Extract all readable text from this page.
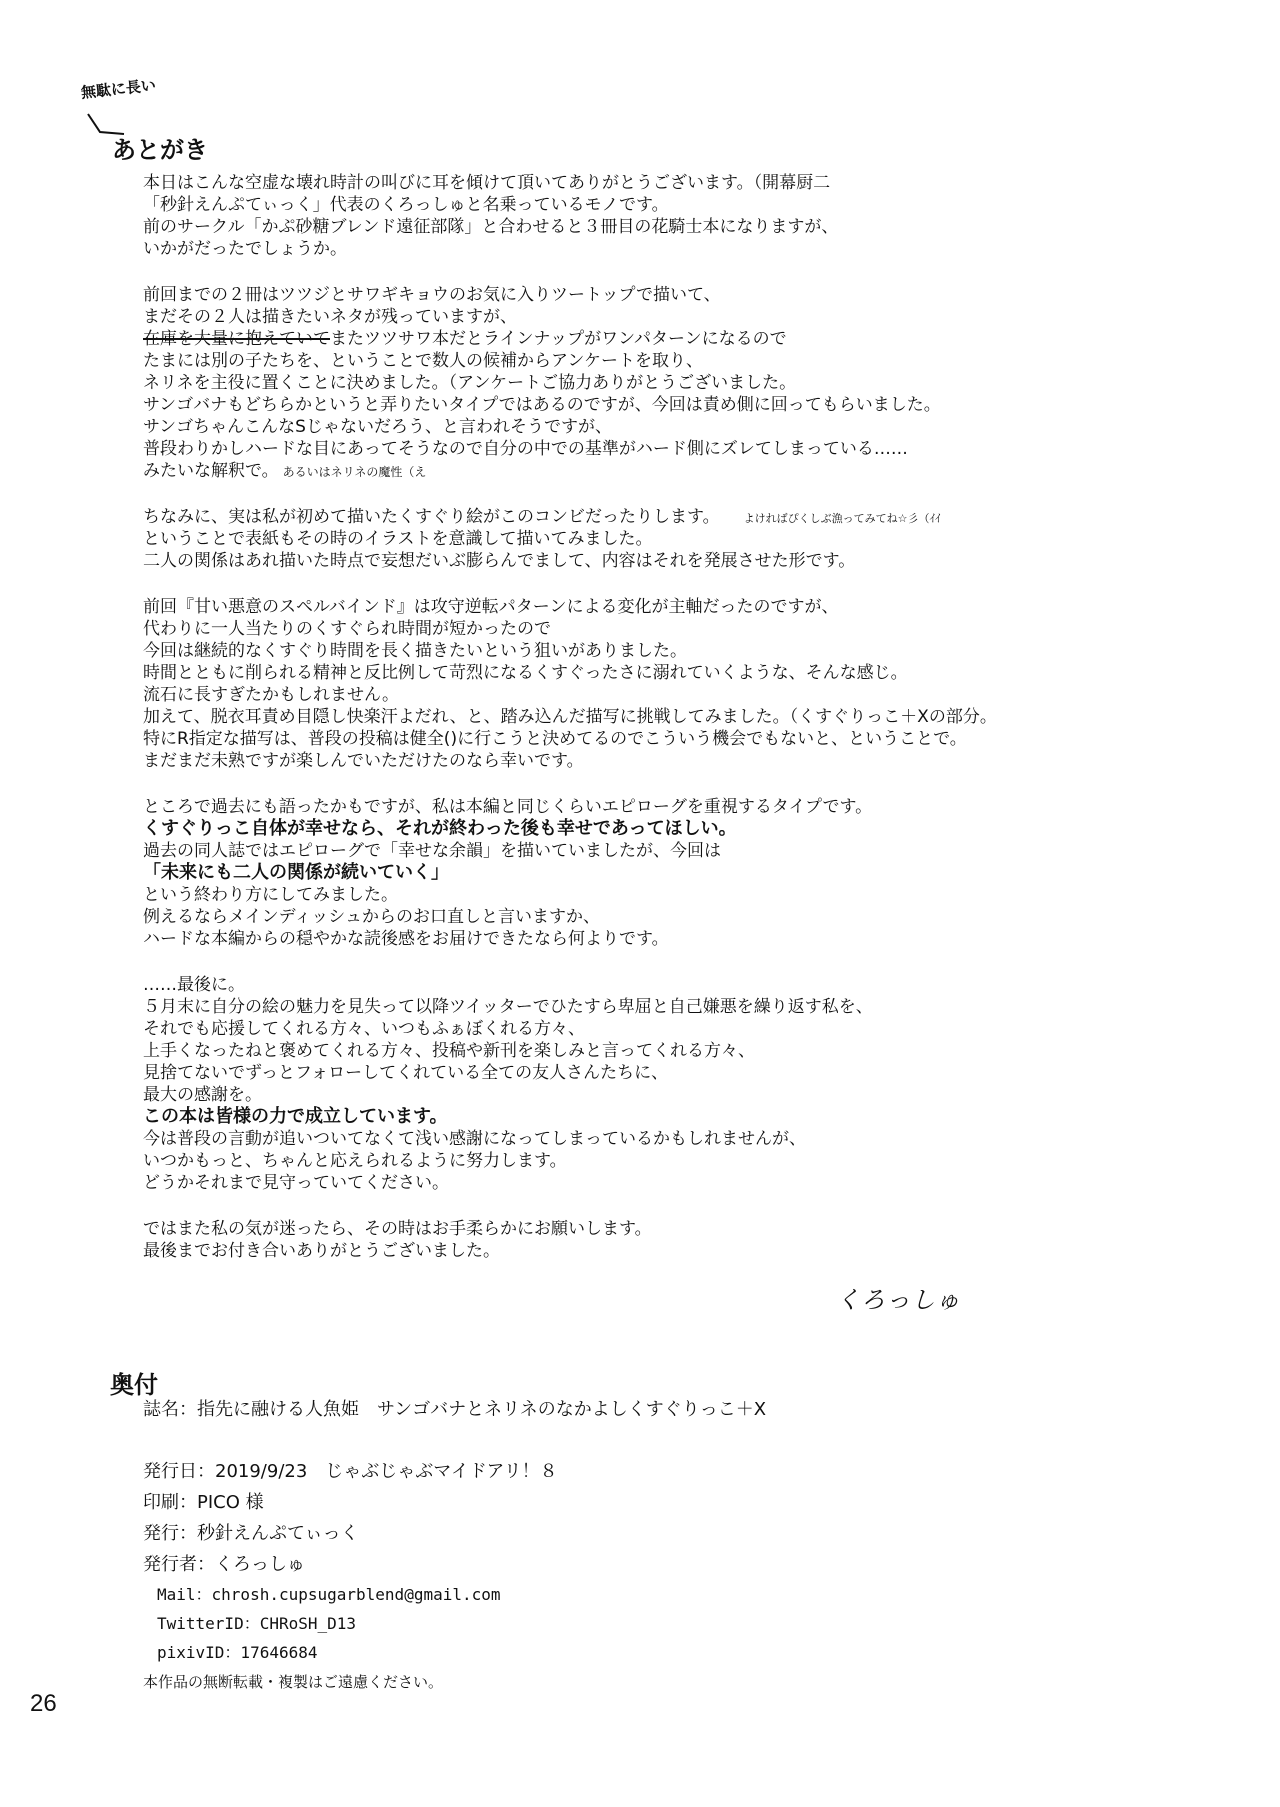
無駄に長い
あとがき
本日はこんな空虚な壊れ時計の叫びに耳を傾けて頂いてありがとうございます。（開幕厨二
「秒針えんぷてぃっく」代表のくろっしゅと名乗っているモノです。
前のサークル「かぷ砂糖ブレンド遠征部隊」と合わせると３冊目の花騎士本になりますが、
いかがだったでしょうか。
前回までの２冊はツツジとサワギキョウのお気に入りツートップで描いて、
まだその２人は描きたいネタが残っていますが、
在庫を大量に抱えていてまたツツサワ本だとラインナップがワンパターンになるので
たまには別の子たちを、ということで数人の候補からアンケートを取り、
ネリネを主役に置くことに決めました。（アンケートご協力ありがとうございました。
サンゴバナもどちらかというと弄りたいタイプではあるのですが、今回は責め側に回ってもらいました。
サンゴちゃんこんなSじゃないだろう、と言われそうですが、
普段わりかしハードな目にあってそうなので自分の中での基準がハード側にズレてしまっている……
みたいな解釈で。 あるいはネリネの魔性（え
ちなみに、実は私が初めて描いたくすぐり絵がこのコンビだったりします。 よければぴくしぶ漁ってみてね☆彡（ｲｲ
ということで表紙もその時のイラストを意識して描いてみました。
二人の関係はあれ描いた時点で妄想だいぶ膨らんでまして、内容はそれを発展させた形です。
前回『甘い悪意のスペルバインド』は攻守逆転パターンによる変化が主軸だったのですが、
代わりに一人当たりのくすぐられ時間が短かったので
今回は継続的なくすぐり時間を長く描きたいという狙いがありました。
時間とともに削られる精神と反比例して苛烈になるくすぐったさに溺れていくような、そんな感じ。
流石に長すぎたかもしれません。
加えて、脱衣耳責め目隠し快楽汗よだれ、と、踏み込んだ描写に挑戦してみました。（くすぐりっこ＋Xの部分。
特にR指定な描写は、普段の投稿は健全()に行こうと決めてるのでこういう機会でもないと、ということで。
まだまだ未熟ですが楽しんでいただけたのなら幸いです。
ところで過去にも語ったかもですが、私は本編と同じくらいエピローグを重視するタイプです。
くすぐりっこ自体が幸せなら、それが終わった後も幸せであってほしい。
過去の同人誌ではエピローグで「幸せな余韻」を描いていましたが、今回は
「未来にも二人の関係が続いていく」
という終わり方にしてみました。
例えるならメインディッシュからのお口直しと言いますか、
ハードな本編からの穏やかな読後感をお届けできたなら何よりです。
……最後に。
５月末に自分の絵の魅力を見失って以降ツイッターでひたすら卑屈と自己嫌悪を繰り返す私を、
それでも応援してくれる方々、いつもふぁぼくれる方々、
上手くなったねと褒めてくれる方々、投稿や新刊を楽しみと言ってくれる方々、
見捨てないでずっとフォローしてくれている全ての友人さんたちに、
最大の感謝を。
この本は皆様の力で成立しています。
今は普段の言動が追いついてなくて浅い感謝になってしまっているかもしれませんが、
いつかもっと、ちゃんと応えられるように努力します。
どうかそれまで見守っていてください。
ではまた私の気が迷ったら、その時はお手柔らかにお願いします。
最後までお付き合いありがとうございました。
くろっしゅ
奥付
誌名：指先に融ける人魚姫　サンゴバナとネリネのなかよしくすぐりっこ＋X
発行日：2019/9/23　じゃぶじゃぶマイドアリ！８
印刷：PICO 様
発行：秒針えんぷてぃっく
発行者：くろっしゅ
Mail：chrosh.cupsugarblend@gmail.com
TwitterID：CHRoSH_D13
pixivID：17646684
本作品の無断転載・複製はご遠慮ください。
26
